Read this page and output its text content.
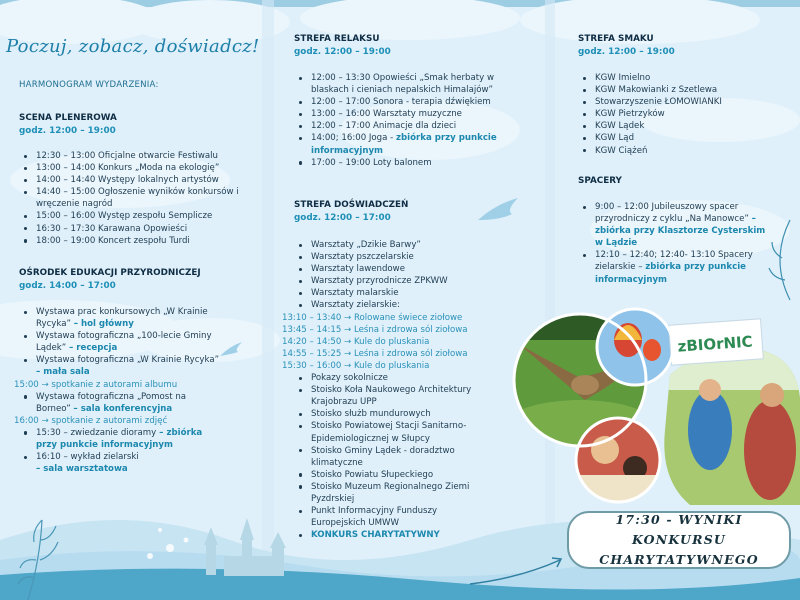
Poczuj, zobacz, doświadcz!
HARMONOGRAM WYDARZENIA:
SCENA PLENEROWA
godz. 12:00 – 19:00
12:30 – 13:00 Oficjalne otwarcie Festiwalu
13:00 – 14:00 Konkurs „Moda na ekologię”
14:00 – 14:40 Występy lokalnych artystów
14:40 – 15:00 Ogłoszenie wyników konkursów i wręczenie nagród
15:00 – 16:00 Występ zespołu Semplicze
16:30 – 17:30 Karawana Opowieści
18:00 – 19:00 Koncert zespołu Turdi
OŚRODEK EDUKACJI PRZYRODNICZEJ
godz. 14:00 – 17:00
Wystawa prac konkursowych „W Krainie Rycyka” – hol główny
Wystawa fotograficzna „100-lecie Gminy Lądek” – recepcja
Wystawa fotograficzna „W Krainie Rycyka” – mała sala
15:00 → spotkanie z autorami albumu
Wystawa fotograficzna „Pomost na Borneo” – sala konferencyjna
16:00 → spotkanie z autorami zdjęć
15:30 – zwiedzanie dioramy – zbiórka przy punkcie informacyjnym
16:10 – wykład zielarski
– sala warsztatowa
STREFA RELAKSU
godz. 12:00 – 19:00
12:00 – 13:30 Opowieści „Smak herbaty w blaskach i cieniach nepalskich Himalajów”
12:00 – 17:00 Sonora - terapia dźwiękiem
13:00 – 16:00 Warsztaty muzyczne
12:00 – 17:00 Animacje dla dzieci
14:00; 16:00 Joga - zbiórka przy punkcie informacyjnym
17:00 – 19:00 Loty balonem
STREFA DOŚWIADCZEŃ
godz. 12:00 – 17:00
Warsztaty „Dzikie Barwy”
Warsztaty pszczelarskie
Warsztaty lawendowe
Warsztaty przyrodnicze ZPKWW
Warsztaty malarskie
Warsztaty zielarskie:
13:10 – 13:40 → Rolowane świece ziołowe
13:45 – 14:15 → Leśna i zdrowa sól ziołowa
14:20 – 14:50 → Kule do pluskania
14:55 – 15:25 → Leśna i zdrowa sól ziołowa
15:30 – 16:00 → Kule do pluskania
Pokazy sokolnicze
Stoisko Koła Naukowego Architektury Krajobrazu UPP
Stoisko służb mundurowych
Stoisko Powiatowej Stacji Sanitarno-Epidemiologicznej w Słupcy
Stoisko Gminy Lądek - doradztwo klimatyczne
Stoisko Powiatu Słupeckiego
Stoisko Muzeum Regionalnego Ziemi Pyzdrskiej
Punkt Informacyjny Funduszy Europejskich UMWW
KONKURS CHARYTATYWNY
STREFA SMAKU
godz. 12:00 – 19:00
KGW Imielno
KGW Makowianki z Szetlewa
Stowarzyszenie ŁOMOWIANKI
KGW Pietrzyków
KGW Lądek
KGW Ląd
KGW Ciążeń
SPACERY
9:00 – 12:00 Jubileuszowy spacer przyrodniczy z cyklu „Na Manowce” – zbiórka przy Klasztorze Cysterskim w Lądzie
12:10 – 12:40; 12:40- 13:10 Spacery zielarskie – zbiórka przy punkcie informacyjnym
zBIOrNIC
17:30 - WYNIKI KONKURSU CHARYTATYWNEGO
